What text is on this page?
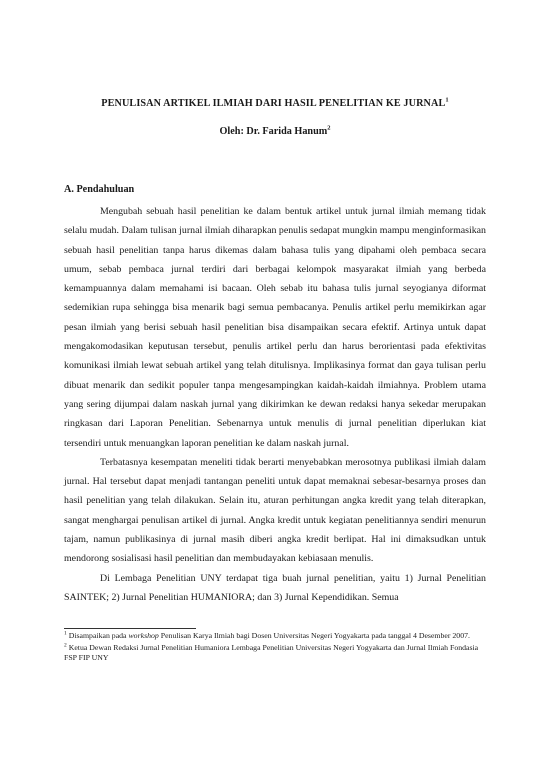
PENULISAN ARTIKEL ILMIAH DARI HASIL PENELITIAN KE JURNAL$^1$
Oleh: Dr. Farida Hanum$^2$
A. Pendahuluan

Mengubah sebuah hasil penelitian ke dalam bentuk artikel untuk jurnal ilmiah memang tidak selalu mudah. Dalam tulisan jurnal ilmiah diharapkan penulis sedapat mungkin mampu menginformasikan sebuah hasil penelitian tanpa harus dikemas dalam bahasa tulis yang dipahami oleh pembaca secara umum, sebab pembaca jurnal terdiri dari berbagai kelompok masyarakat ilmiah yang berbeda kemampuannya dalam memahami isi bacaan. Oleh sebab itu bahasa tulis jurnal seyogianya diformat sedemikian rupa sehingga bisa menarik bagi semua pembacanya. Penulis artikel perlu memikirkan agar pesan ilmiah yang berisi sebuah hasil penelitian bisa disampaikan secara efektif. Artinya untuk dapat mengakomodasikan keputusan tersebut, penulis artikel perlu dan harus berorientasi pada efektivitas komunikasi ilmiah lewat sebuah artikel yang telah ditulisnya. Implikasinya format dan gaya tulisan perlu dibuat menarik dan sedikit populer tanpa mengesampingkan kaidah-kaidah ilmiahnya. Problem utama yang sering dijumpai dalam naskah jurnal yang dikirimkan ke dewan redaksi hanya sekedar merupakan ringkasan dari Laporan Penelitian. Sebenarnya untuk menulis di jurnal penelitian diperlukan kiat tersendiri untuk menuangkan laporan penelitian ke dalam naskah jurnal.

Terbatasnya kesempatan meneliti tidak berarti menyebabkan merosotnya publikasi ilmiah dalam jurnal. Hal tersebut dapat menjadi tantangan peneliti untuk dapat memaknai sebesar-besarnya proses dan hasil penelitian yang telah dilakukan. Selain itu, aturan perhitungan angka kredit yang telah diterapkan, sangat menghargai penulisan artikel di jurnal. Angka kredit untuk kegiatan penelitiannya sendiri menurun tajam, namun publikasinya di jurnal masih diberi angka kredit berlipat. Hal ini dimaksudkan untuk mendorong sosialisasi hasil penelitian dan membudayakan kebiasaan menulis.

Di Lembaga Penelitian UNY terdapat tiga buah jurnal penelitian, yaitu 1) Jurnal Penelitian SAINTEK; 2) Jurnal Penelitian HUMANIORA; dan 3) Jurnal Kependidikan. Semua

$^1$ Disampaikan pada workshop Penulisan Karya Ilmiah bagi Dosen Universitas Negeri Yogyakarta pada tanggal 4 Desember 2007.
$^2$ Ketua Dewan Redaksi Jurnal Penelitian Humaniora Lembaga Penelitian Universitas Negeri Yogyakarta dan Jurnal Ilmiah Fondasia FSP FIP UNY
